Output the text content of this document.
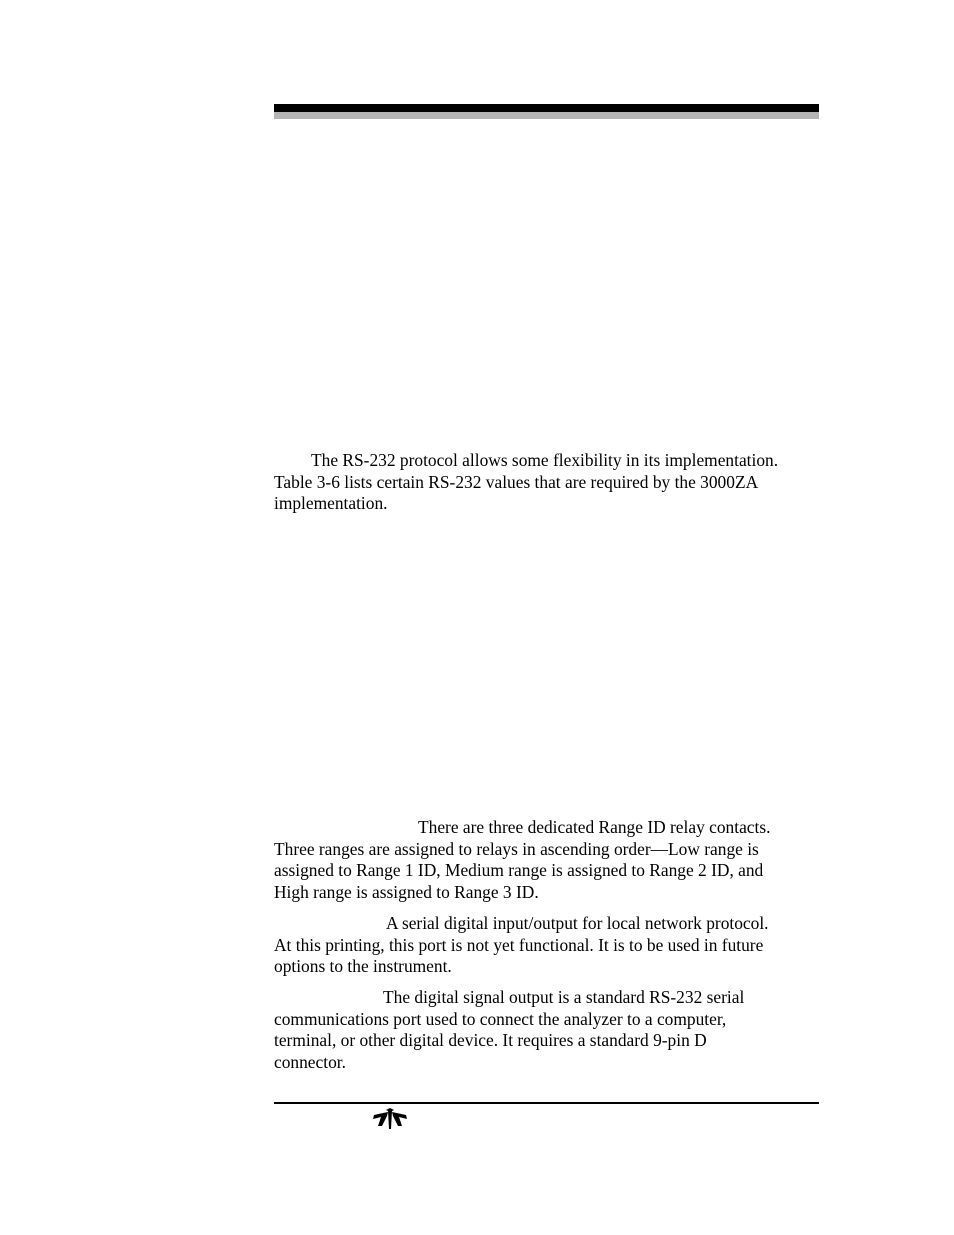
The RS-232 protocol allows some flexibility in its implementation.
Table 3-6 lists certain RS-232 values that are required by the 3000ZA
implementation.
There are three dedicated Range ID relay contacts.
Three ranges are assigned to relays in ascending order—Low range is
assigned to Range 1 ID, Medium range is assigned to Range 2 ID, and
High range is assigned to Range 3 ID.
A serial digital input/output for local network protocol.
At this printing, this port is not yet functional. It is to be used in future
options to the instrument.
The digital signal output is a standard RS-232 serial
communications port used to connect the analyzer to a computer,
terminal, or other digital device. It requires a standard 9-pin D
connector.
